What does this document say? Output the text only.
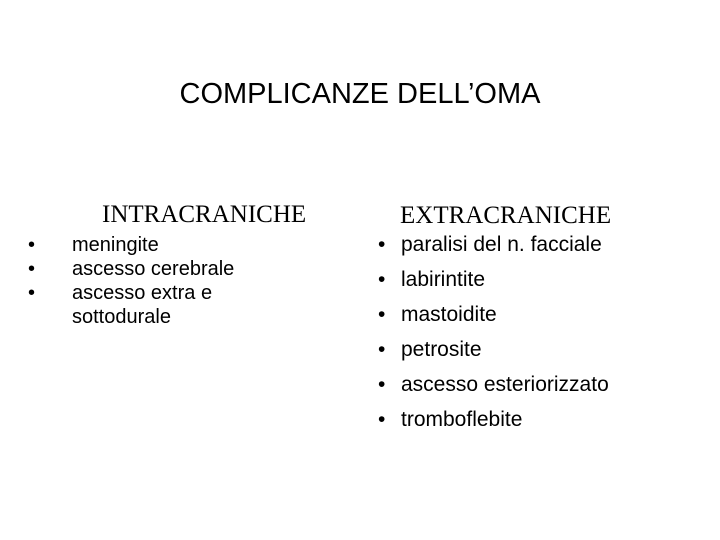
COMPLICANZE DELL’OMA
INTRACRANICHE
• meningite
• ascesso cerebrale
• ascesso extra e sottodurale
EXTRACRANICHE
• paralisi del n. facciale
• labirintite
• mastoidite
• petrosite
• ascesso esteriorizzato
• tromboflebite
